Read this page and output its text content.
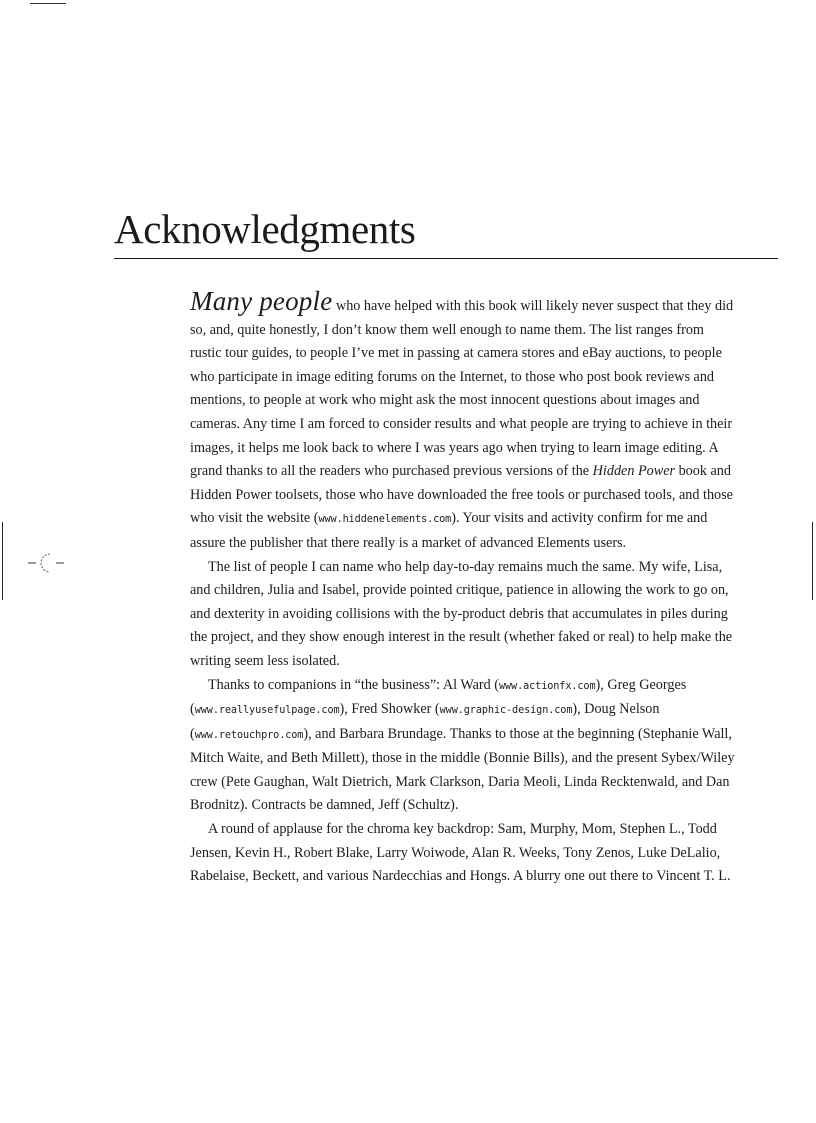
Acknowledgments

Many people who have helped with this book will likely never suspect that they did so, and, quite honestly, I don’t know them well enough to name them. The list ranges from rustic tour guides, to people I’ve met in passing at camera stores and eBay auctions, to people who participate in image editing forums on the Internet, to those who post book reviews and mentions, to people at work who might ask the most innocent questions about images and cameras. Any time I am forced to consider results and what people are trying to achieve in their images, it helps me look back to where I was years ago when trying to learn image editing. A grand thanks to all the readers who purchased previous versions of the Hidden Power book and Hidden Power toolsets, those who have downloaded the free tools or purchased tools, and those who visit the website (www.hiddenelements.com). Your visits and activity confirm for me and assure the publisher that there really is a market of advanced Elements users.

The list of people I can name who help day-to-day remains much the same. My wife, Lisa, and children, Julia and Isabel, provide pointed critique, patience in allowing the work to go on, and dexterity in avoiding collisions with the by-product debris that accumulates in piles during the project, and they show enough interest in the result (whether faked or real) to help make the writing seem less isolated.

Thanks to companions in “the business”: Al Ward (www.actionfx.com), Greg Georges (www.reallyusefulpage.com), Fred Showker (www.graphic-design.com), Doug Nelson (www.retouchpro.com), and Barbara Brundage. Thanks to those at the beginning (Stephanie Wall, Mitch Waite, and Beth Millett), those in the middle (Bonnie Bills), and the present Sybex/Wiley crew (Pete Gaughan, Walt Dietrich, Mark Clarkson, Daria Meoli, Linda Recktenwald, and Dan Brodnitz). Contracts be damned, Jeff (Schultz).

A round of applause for the chroma key backdrop: Sam, Murphy, Mom, Stephen L., Todd Jensen, Kevin H., Robert Blake, Larry Woiwode, Alan R. Weeks, Tony Zenos, Luke DeLalio, Rabelaise, Beckett, and various Nardecchias and Hongs. A blurry one out there to Vincent T. L.
